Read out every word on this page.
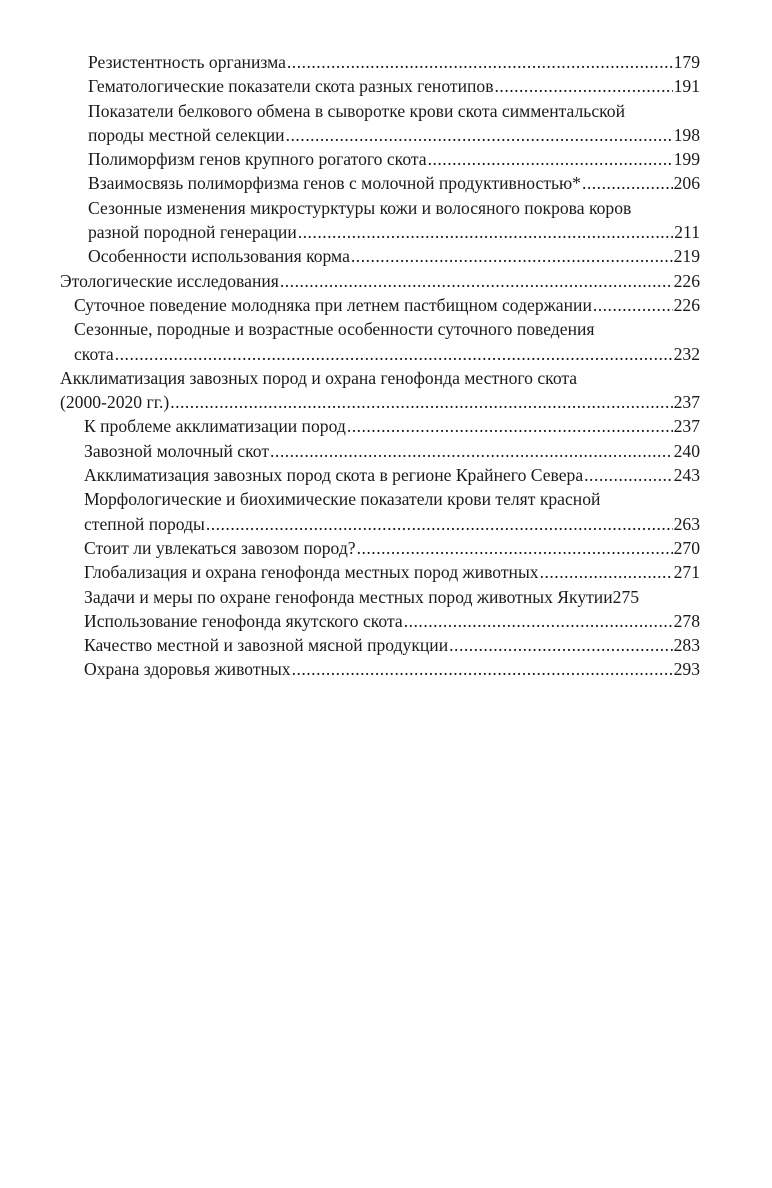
Резистентность организма .....	179
Гематологические показатели скота разных генотипов .....	191
Показатели белкового обмена в сыворотке крови скота симментальской
породы местной селекции .....	198
Полиморфизм генов крупного рогатого скота .....	199
Взаимосвязь полиморфизма генов с молочной продуктивностью* .....	206
Сезонные изменения микростурктуры кожи и волосяного покрова коров
разной породной генерации .....	211
Особенности использования корма .....	219
Этологические исследования .....	226
Суточное поведение молодняка при летнем пастбищном содержании .....	226
Сезонные, породные и возрастные особенности суточного поведения
скота .....	232
Акклиматизация завозных пород и охрана генофонда местного скота
(2000-2020 гг.) .....	237
К проблеме акклиматизации пород .....	237
Завозной молочный скот .....	240
Акклиматизация завозных пород скота в регионе Крайнего Севера .....	243
Морфологические и биохимические показатели крови телят красной
степной породы .....	263
Стоит ли увлекаться завозом пород? .....	270
Глобализация и охрана генофонда местных пород животных .....	271
Задачи и меры по охране генофонда местных пород животных Якутии 275
Использование генофонда якутского скота .....	278
Качество местной и завозной мясной продукции .....	283
Охрана здоровья животных .....	293
